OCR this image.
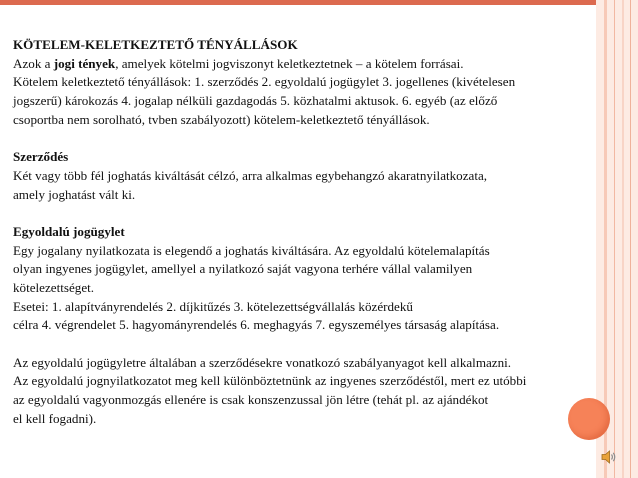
KÖTELEM-KELETKEZTETŐ TÉNYÁLLÁSOK
Azok a jogi tények, amelyek kötelmi jogviszonyt keletkeztetnek – a kötelem forrásai.
Kötelem keletkeztető tényállások: 1. szerződés 2. egyoldalú jogügylet 3. jogellenes (kivételesen
jogszerű) károkozás 4. jogalap nélküli gazdagodás 5. közhatalmi aktusok. 6. egyéb (az előző
csoportba nem sorolható, tvben szabályozott) kötelem-keletkeztető tényállások.
Szerződés
Két vagy több fél joghatás kiváltását célzó, arra alkalmas egybehangzó akaratnyilatkozata,
amely joghatást vált ki.
Egyoldalú jogügylet
Egy jogalany nyilatkozata is elegendő a joghatás kiváltására. Az egyoldalú kötelemalapítás
olyan ingyenes jogügylet, amellyel a nyilatkozó saját vagyona terhére vállal valamilyen
kötelezettséget.
Esetei: 1. alapítványrendelés 2. díjkitűzés 3. kötelezettségvállalás közérdekű
célra 4. végrendelet 5. hagyományrendelés 6. meghagyás 7. egyszemélyes társaság alapítása.
Az egyoldalú jogügyletre általában a szerződésekre vonatkozó szabályanyagot kell alkalmazni.
Az egyoldalú jognyilatkozatot meg kell különböztetnünk az ingyenes szerződéstől, mert ez utóbbi
az egyoldalú vagyonmozgás ellenére is csak konszenzussal jön létre (tehát pl. az ajándékot
el kell fogadni).
